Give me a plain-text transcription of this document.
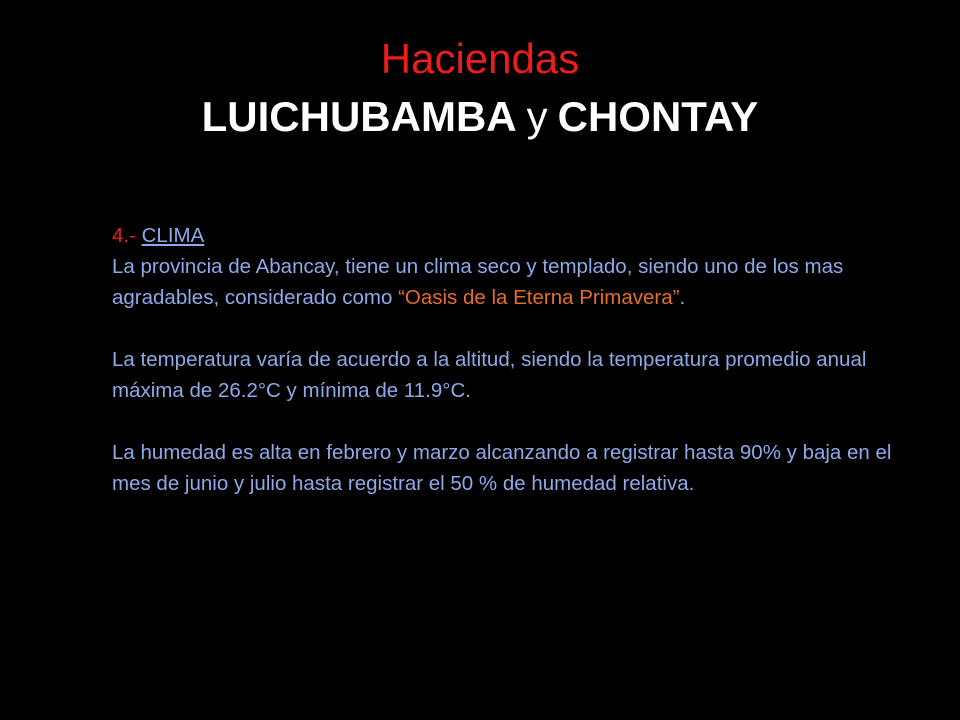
Haciendas
LUICHUBAMBA y CHONTAY
4.- CLIMA
La provincia de Abancay, tiene un clima seco y templado, siendo uno de los mas agradables, considerado como “Oasis de la Eterna Primavera”.
La temperatura varía de acuerdo a la altitud, siendo la temperatura promedio anual máxima de 26.2°C y mínima de 11.9°C.
La humedad es alta en febrero y marzo alcanzando a registrar hasta 90% y baja en el mes de junio y julio hasta registrar el 50 % de humedad relativa.
